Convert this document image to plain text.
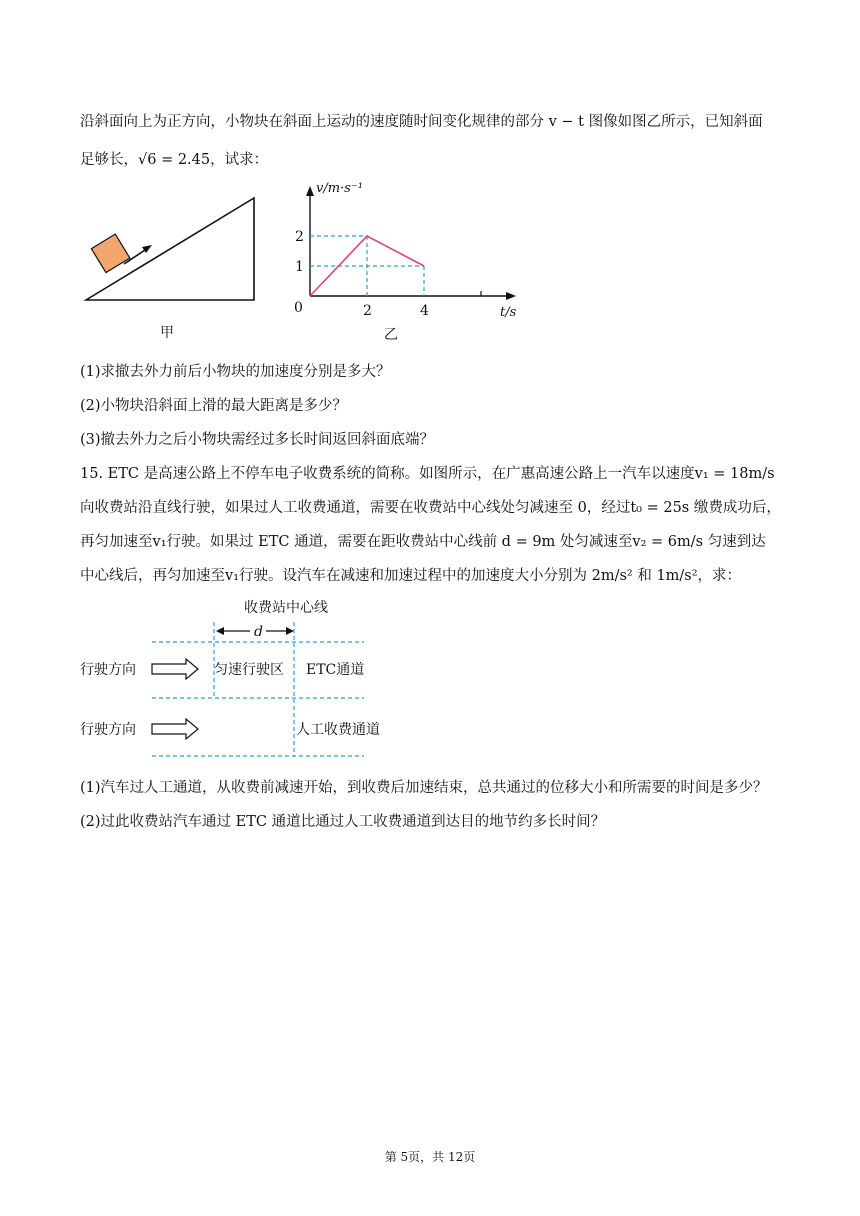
沿斜面向上为正方向，小物块在斜面上运动的速度随时间变化规律的部分 v − t 图像如图乙所示，已知斜面
足够长，√6 = 2.45，试求：
甲
v/m·s⁻¹
t/s
0
2
1
2	4
乙
(1)求撤去外力前后小物块的加速度分别是多大？
(2)小物块沿斜面上滑的最大距离是多少？
(3)撤去外力之后小物块需经过多长时间返回斜面底端？
15. ETC 是高速公路上不停车电子收费系统的简称。如图所示，在广惠高速公路上一汽车以速度v₁ = 18m/s
向收费站沿直线行驶，如果过人工收费通道，需要在收费站中心线处匀减速至 0，经过t₀ = 25s 缴费成功后，
再匀加速至v₁行驶。如果过 ETC 通道，需要在距收费站中心线前 d = 9m 处匀减速至v₂ = 6m/s 匀速到达
中心线后，再匀加速至v₁行驶。设汽车在减速和加速过程中的加速度大小分别为 2m/s² 和 1m/s²，求：
收费站中心线
d
行驶方向	匀速行驶区 ETC通道
行驶方向	人工收费通道
(1)汽车过人工通道，从收费前减速开始，到收费后加速结束，总共通过的位移大小和所需要的时间是多少？
(2)过此收费站汽车通过 ETC 通道比通过人工收费通道到达目的地节约多长时间？
第 5页，共 12页
